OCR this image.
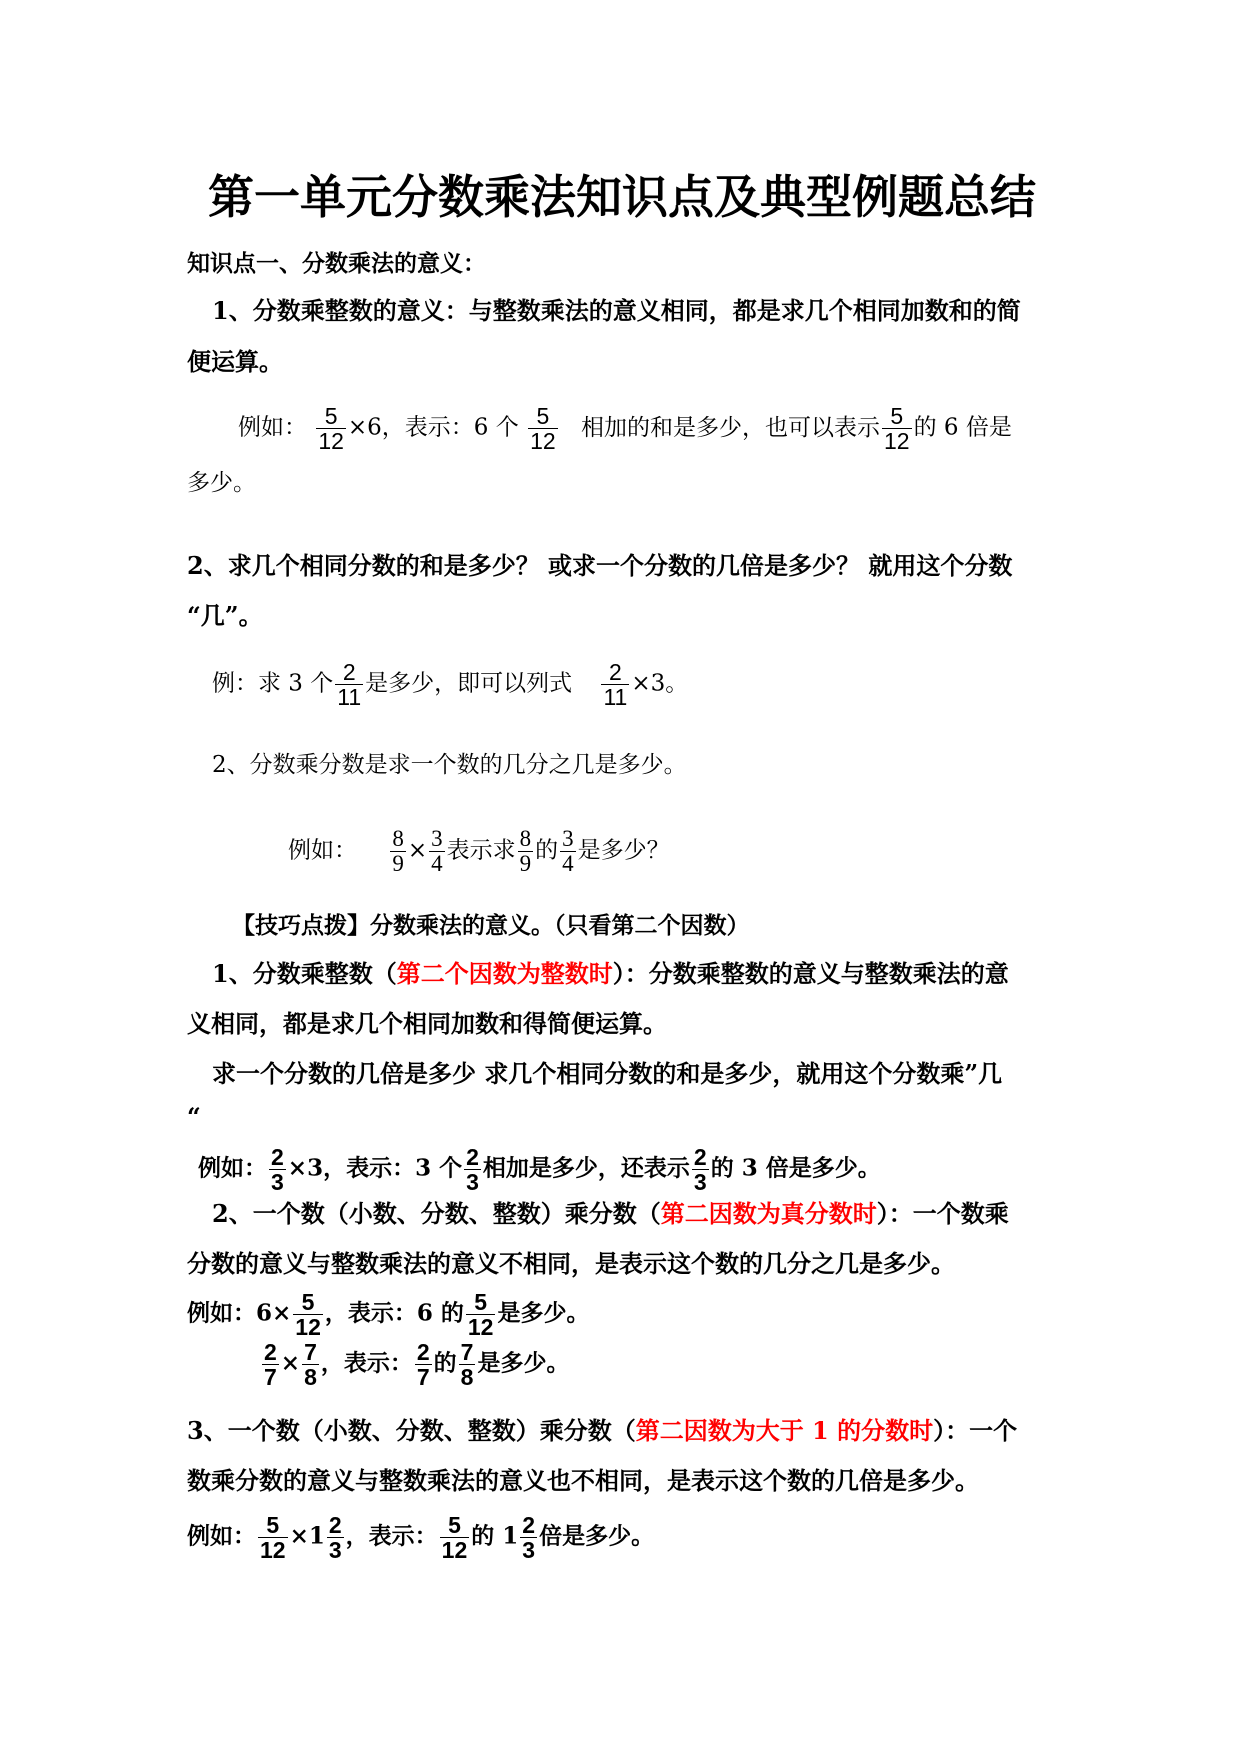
第一单元分数乘法知识点及典型例题总结
知识点一、分数乘法的意义：
1、分数乘整数的意义：与整数乘法的意义相同，都是求几个相同加数和的简
便运算。
例如： $\frac{5}{12} \times 6$，表示：6 个 $\frac{5}{12}$ 相加的和是多少，也可以表示 $\frac{5}{12}$ 的 6 倍是
多少。
2、求几个相同分数的和是多少？ 或求一个分数的几倍是多少？ 就用这个分数
“几”。
例：求 3 个 $\frac{2}{11}$ 是多少，即可以列式 $\frac{2}{11} \times 3$。
2、分数乘分数是求一个数的几分之几是多少。
例如： $\frac{8}{9} \times \frac{3}{4}$ 表示求 $\frac{8}{9}$ 的 $\frac{3}{4}$ 是多少？
【技巧点拨】分数乘法的意义。（只看第二个因数）
1、分数乘整数（第二个因数为整数时）：分数乘整数的意义与整数乘法的意
义相同，都是求几个相同加数和得简便运算。
求一个分数的几倍是多少 求几个相同分数的和是多少，就用这个分数乘”几
“
例如： $\frac{2}{3} \times 3$，表示：3 个 $\frac{2}{3}$ 相加是多少，还表示 $\frac{2}{3}$ 的 3 倍是多少。
2、一个数（小数、分数、整数）乘分数（第二因数为真分数时）：一个数乘
分数的意义与整数乘法的意义不相同，是表示这个数的几分之几是多少。
例如：$6\times \frac{5}{12}$ ，表示：6 的 $\frac{5}{12}$ 是多少。
$\frac{2}{7} \times \frac{7}{8}$ ，表示： $\frac{2}{7}$ 的 $\frac{7}{8}$ 是多少。
3、一个数（小数、分数、整数）乘分数（第二因数为大于 1 的分数时）：一个
数乘分数的意义与整数乘法的意义也不相同，是表示这个数的几倍是多少。
例如： $\frac{5}{12} \times 1 \frac{2}{3}$ ，表示： $\frac{5}{12}$ 的 $1 \frac{2}{3}$ 倍是多少。
